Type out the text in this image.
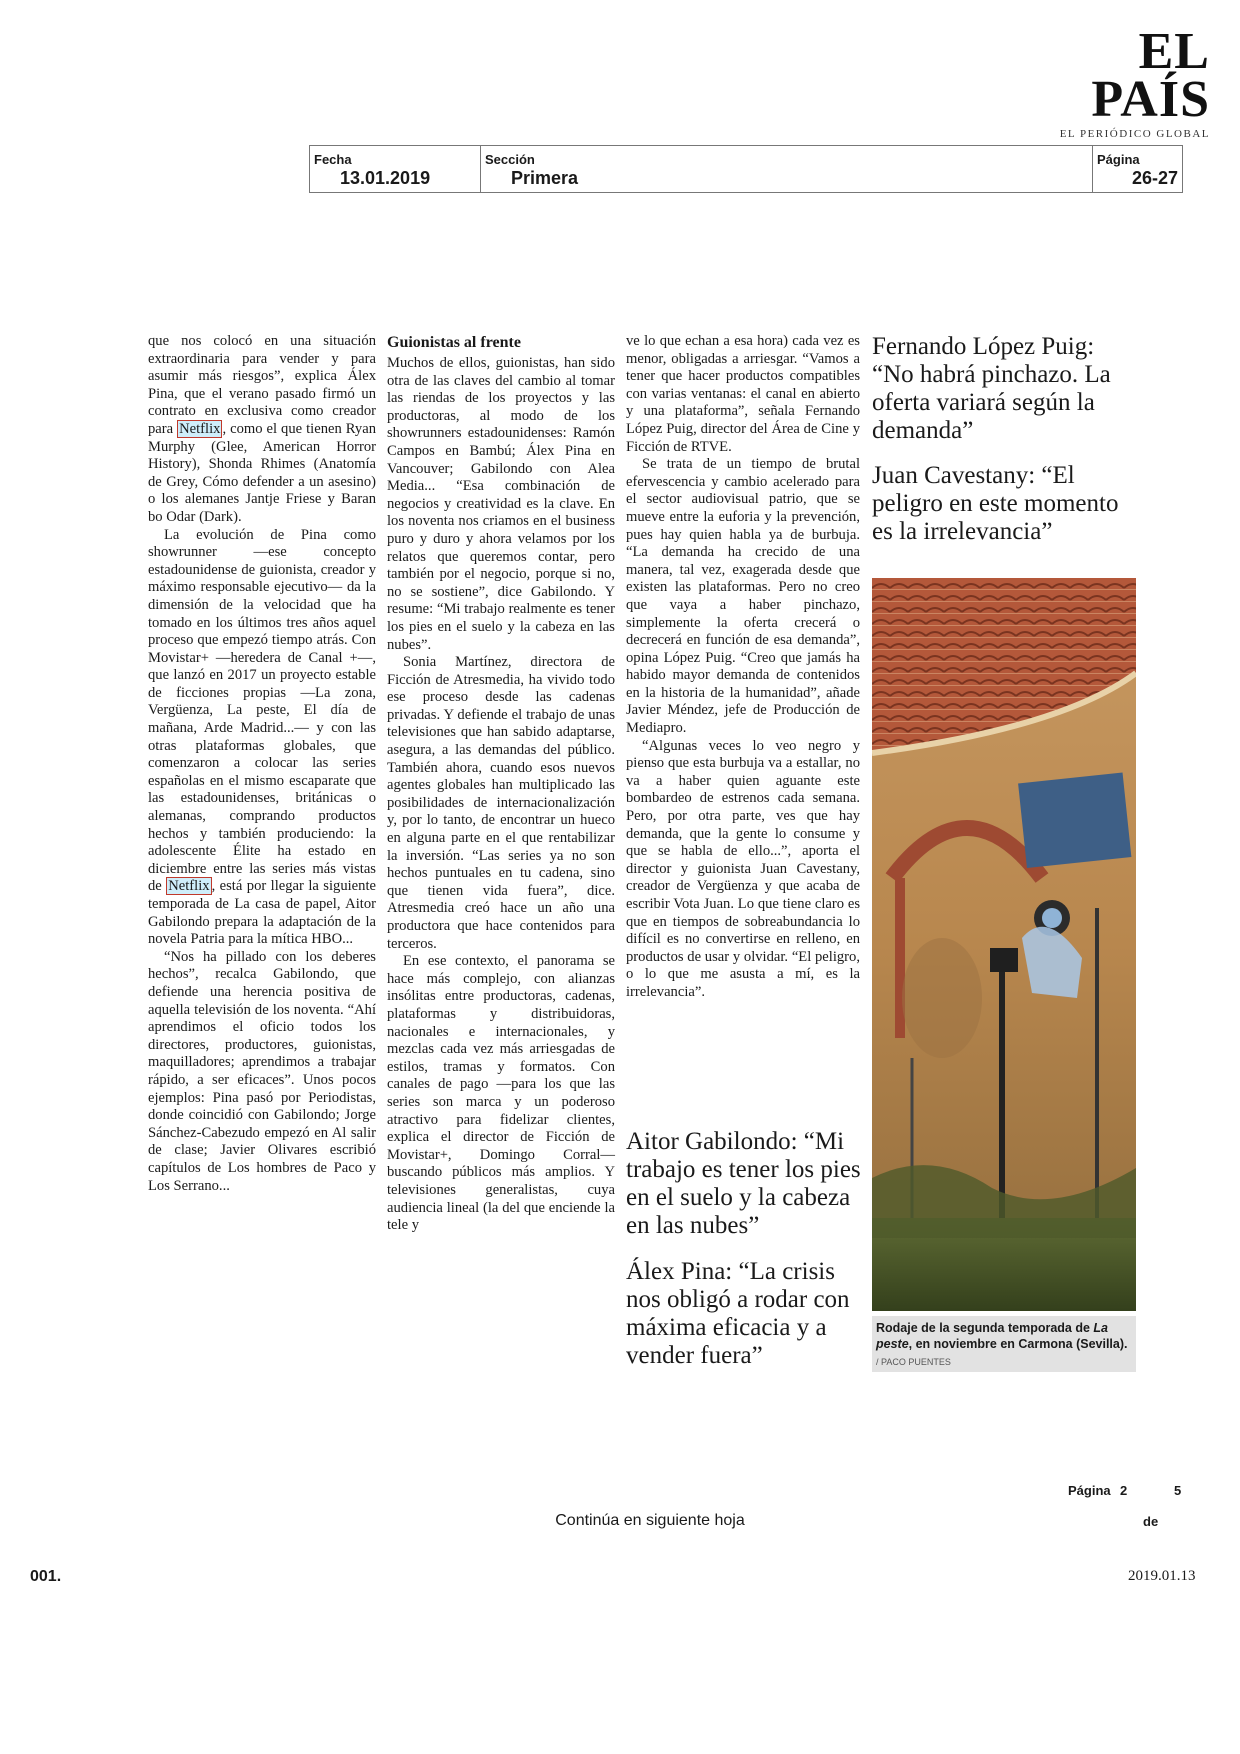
EL PAÍS
EL PERIÓDICO GLOBAL
Fecha
13.01.2019
Sección
Primera
Página
26-27

que nos colocó en una situación extraordinaria para vender y para asumir más riesgos”, explica Álex Pina, que el verano pasado firmó un contrato en exclusiva como creador para Netflix , como el que tienen Ryan Murphy (Glee, American Horror History), Shonda Rhimes (Anatomía de Grey, Cómo defender a un asesino) o los alemanes Jantje Friese y Baran bo Odar (Dark).

La evolución de Pina como showrunner —ese concepto estadounidense de guionista, creador y máximo responsable ejecutivo— da la dimensión de la velocidad que ha tomado en los últimos tres años aquel proceso que empezó tiempo atrás. Con Movistar+ —heredera de Canal +—, que lanzó en 2017 un proyecto estable de ficciones propias —La zona, Vergüenza, La peste, El día de mañana, Arde Madrid...— y con las otras plataformas globales, que comenzaron a colocar las series españolas en el mismo escaparate que las estadounidenses, británicas o alemanas, comprando productos hechos y también produciendo: la adolescente Élite ha estado en diciembre entre las series más vistas de Netflix , está por llegar la siguiente temporada de La casa de papel, Aitor Gabilondo prepara la adaptación de la novela Patria para la mítica HBO...

“Nos ha pillado con los deberes hechos”, recalca Gabilondo, que defiende una herencia positiva de aquella televisión de los noventa. “Ahí aprendimos el oficio todos los directores, productores, guionistas, maquilladores; aprendimos a trabajar rápido, a ser eficaces”. Unos pocos ejemplos: Pina pasó por Periodistas, donde coincidió con Gabilondo; Jorge Sánchez-Cabezudo empezó en Al salir de clase; Javier Olivares escribió capítulos de Los hombres de Paco y Los Serrano...

Guionistas al frente

Muchos de ellos, guionistas, han sido otra de las claves del cambio al tomar las riendas de los proyectos y las productoras, al modo de los showrunners estadounidenses: Ramón Campos en Bambú; Álex Pina en Vancouver; Gabilondo con Alea Media... “Esa combinación de negocios y creatividad es la clave. En los noventa nos criamos en el business puro y duro y ahora velamos por los relatos que queremos contar, pero también por el negocio, porque si no, no se sostiene”, dice Gabilondo. Y resume: “Mi trabajo realmente es tener los pies en el suelo y la cabeza en las nubes”.

Sonia Martínez, directora de Ficción de Atresmedia, ha vivido todo ese proceso desde las cadenas privadas. Y defiende el trabajo de unas televisiones que han sabido adaptarse, asegura, a las demandas del público. También ahora, cuando esos nuevos agentes globales han multiplicado las posibilidades de internacionalización y, por lo tanto, de encontrar un hueco en alguna parte en el que rentabilizar la inversión. “Las series ya no son hechos puntuales en tu cadena, sino que tienen vida fuera”, dice. Atresmedia creó hace un año una productora que hace contenidos para terceros.

En ese contexto, el panorama se hace más complejo, con alianzas insólitas entre productoras, cadenas, plataformas y distribuidoras, nacionales e internacionales, y mezclas cada vez más arriesgadas de estilos, tramas y formatos. Con canales de pago —para los que las series son marca y un poderoso atractivo para fidelizar clientes, explica el director de Ficción de Movistar+, Domingo Corral— buscando públicos más amplios. Y televisiones generalistas, cuya audiencia lineal (la del que enciende la tele y

ve lo que echan a esa hora) cada vez es menor, obligadas a arriesgar. “Vamos a tener que hacer productos compatibles con varias ventanas: el canal en abierto y una plataforma”, señala Fernando López Puig, director del Área de Cine y Ficción de RTVE.

Se trata de un tiempo de brutal efervescencia y cambio acelerado para el sector audiovisual patrio, que se mueve entre la euforia y la prevención, pues hay quien habla ya de burbuja. “La demanda ha crecido de una manera, tal vez, exagerada desde que existen las plataformas. Pero no creo que vaya a haber pinchazo, simplemente la oferta crecerá o decrecerá en función de esa demanda”, opina López Puig. “Creo que jamás ha habido mayor demanda de contenidos en la historia de la humanidad”, añade Javier Méndez, jefe de Producción de Mediapro.

“Algunas veces lo veo negro y pienso que esta burbuja va a estallar, no va a haber quien aguante este bombardeo de estrenos cada semana. Pero, por otra parte, ves que hay demanda, que la gente lo consume y que se habla de ello...”, aporta el director y guionista Juan Cavestany, creador de Vergüenza y que acaba de escribir Vota Juan. Lo que tiene claro es que en tiempos de sobreabundancia lo difícil es no convertirse en relleno, en productos de usar y olvidar. “El peligro, o lo que me asusta a mí, es la irrelevancia”.

Aitor Gabilondo: “Mi trabajo es tener los pies en el suelo y la cabeza en las nubes”

Álex Pina: “La crisis nos obligó a rodar con máxima eficacia y a vender fuera”

Fernando López Puig: “No habrá pinchazo. La oferta variará según la demanda”

Juan Cavestany: “El peligro en este momento es la irrelevancia”

Rodaje de la segunda temporada de La peste, en noviembre en Carmona (Sevilla). / PACO PUENTES
Página 2	5
de
Continúa en siguiente hoja
001.	2019.01.13
